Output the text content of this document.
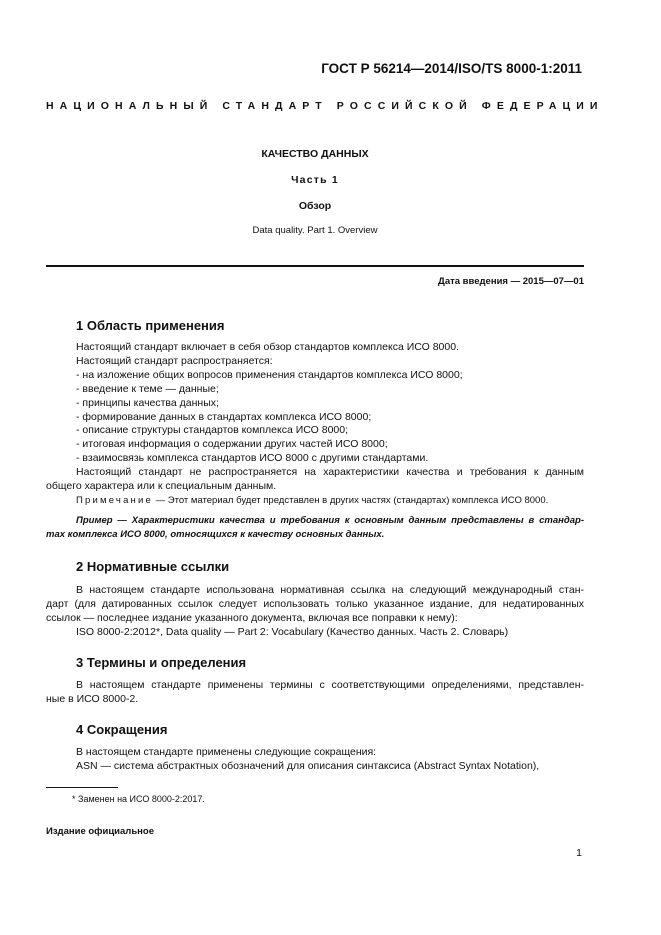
ГОСТ Р 56214—2014/ISO/TS 8000-1:2011
НАЦИОНАЛЬНЫЙ СТАНДАРТ РОССИЙСКОЙ ФЕДЕРАЦИИ
КАЧЕСТВО ДАННЫХ
Часть 1
Обзор
Data quality. Part 1. Overview
Дата введения — 2015—07—01
1 Область применения
Настоящий стандарт включает в себя обзор стандартов комплекса ИСО 8000.
Настоящий стандарт распространяется:
- на изложение общих вопросов применения стандартов комплекса ИСО 8000;
- введение к теме — данные;
- принципы качества данных;
- формирование данных в стандартах комплекса ИСО 8000;
- описание структуры стандартов комплекса ИСО 8000;
- итоговая информация о содержании других частей ИСО 8000;
- взаимосвязь комплекса стандартов ИСО 8000 с другими стандартами.
Настоящий стандарт не распространяется на характеристики качества и требования к данным
общего характера или к специальным данным.
Примечание — Этот материал будет представлен в других частях (стандартах) комплекса ИСО 8000.
Пример — Характеристики качества и требования к основным данным представлены в стандар-
тах комплекса ИСО 8000, относящихся к качеству основных данных.
2 Нормативные ссылки
В настоящем стандарте использована нормативная ссылка на следующий международный стан-
дарт (для датированных ссылок следует использовать только указанное издание, для недатированных
ссылок — последнее издание указанного документа, включая все поправки к нему):
ISO 8000-2:2012*, Data quality — Part 2: Vocabulary (Качество данных. Часть 2. Словарь)
3 Термины и определения
В настоящем стандарте применены термины с соответствующими определениями, представлен-
ные в ИСО 8000-2.
4 Сокращения
В настоящем стандарте применены следующие сокращения:
ASN — система абстрактных обозначений для описания синтаксиса (Abstract Syntax Notation),
* Заменен на ИСО 8000-2:2017.
Издание официальное
1
